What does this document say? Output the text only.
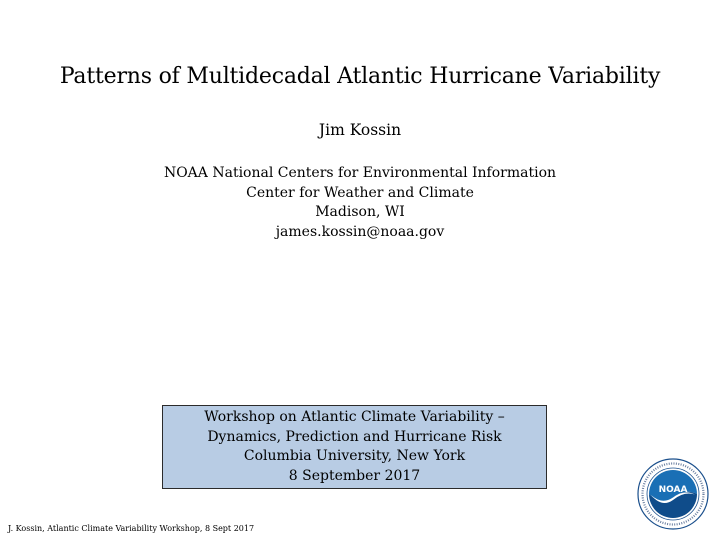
Patterns of Multidecadal Atlantic Hurricane Variability
Jim Kossin
NOAA National Centers for Environmental Information
Center for Weather and Climate
Madison, WI
james.kossin@noaa.gov
Workshop on Atlantic Climate Variability –
Dynamics, Prediction and Hurricane Risk
Columbia University, New York
8 September 2017
J. Kossin, Atlantic Climate Variability Workshop, 8 Sept 2017
NOAA
